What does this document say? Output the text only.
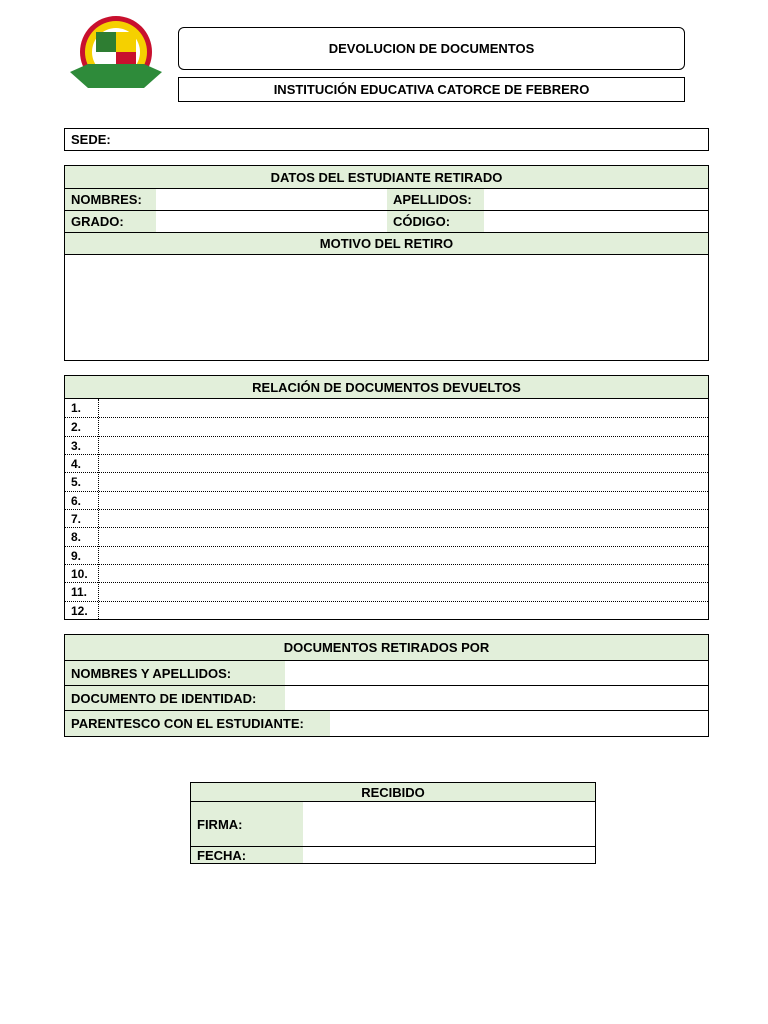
DEVOLUCION DE DOCUMENTOS
INSTITUCIÓN EDUCATIVA CATORCE DE FEBRERO
SEDE:
DATOS DEL ESTUDIANTE RETIRADO
NOMBRES:	APELLIDOS:
GRADO:	CÓDIGO:
MOTIVO DEL RETIRO
RELACIÓN DE DOCUMENTOS DEVUELTOS
1.
2.
3.
4.
5.
6.
7.
8.
9.
10.
11.
12.
DOCUMENTOS RETIRADOS POR
NOMBRES Y APELLIDOS:
DOCUMENTO DE IDENTIDAD:
PARENTESCO CON EL ESTUDIANTE:
RECIBIDO
FIRMA:
FECHA:
